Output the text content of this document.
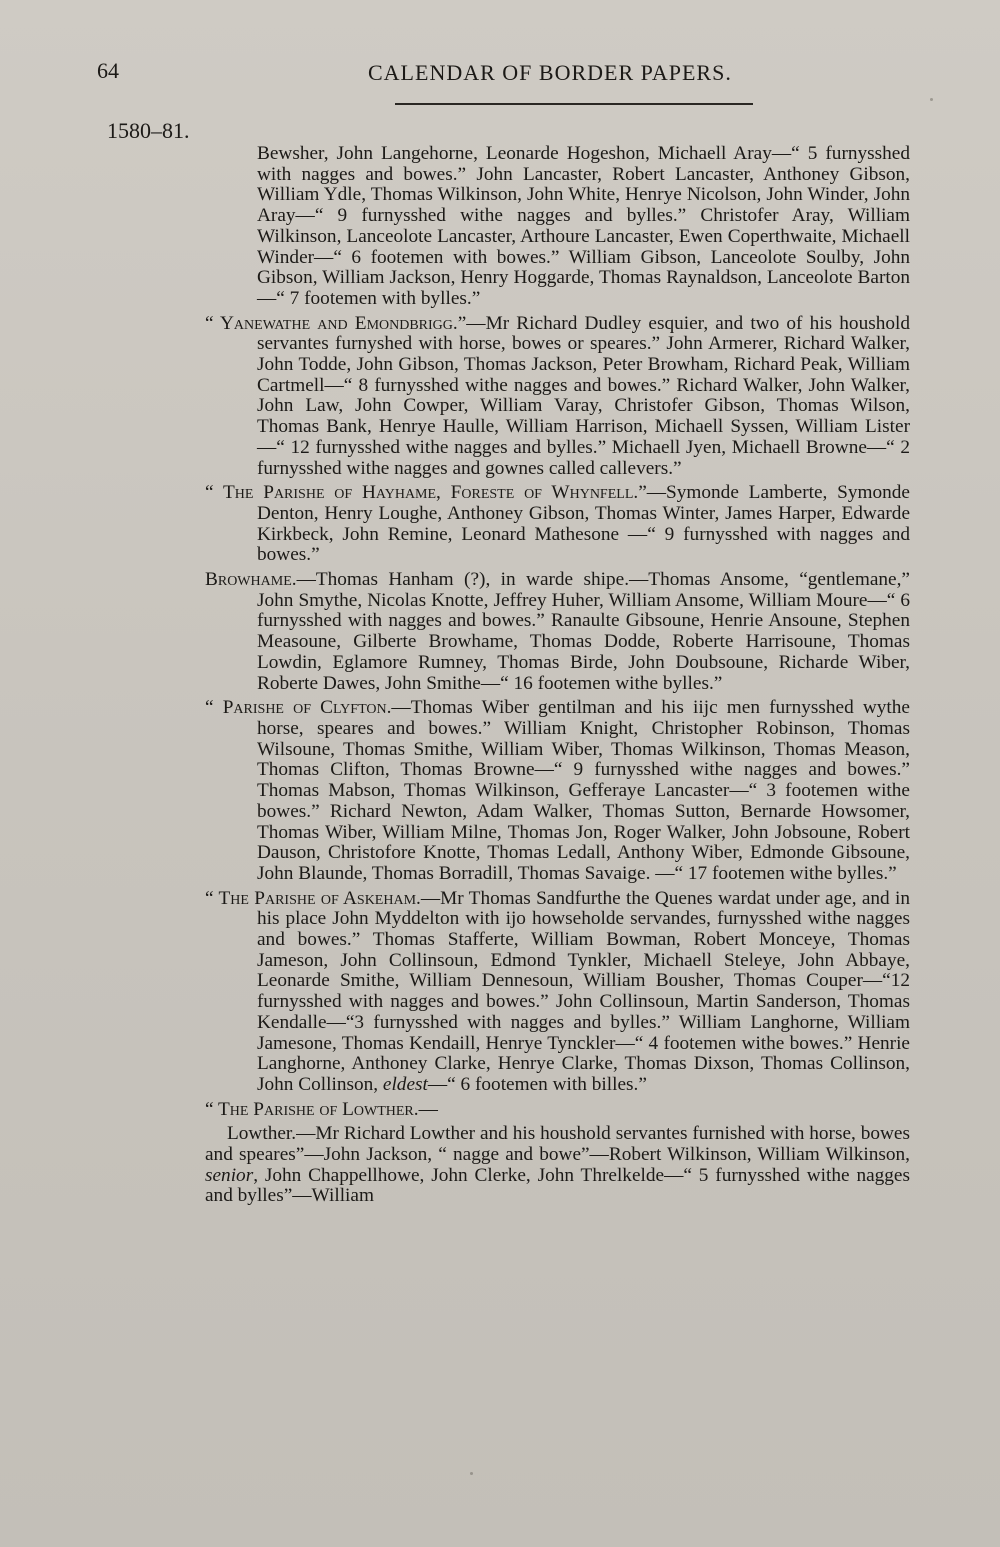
64	CALENDAR OF BORDER PAPERS.
1580–81.

Bewsher, John Langehorne, Leonarde Hogeshon, Michaell Aray—“ 5 furnysshed with nagges and bowes.” John Lancaster, Robert Lancaster, Anthoney Gibson, William Ydle, Thomas Wilkinson, John White, Henrye Nicolson, John Winder, John Aray—“ 9 furnysshed withe nagges and bylles.” Christofer Aray, William Wilkinson, Lanceolote Lancaster, Arthoure Lancaster, Ewen Coperthwaite, Michaell Winder—“ 6 footemen with bowes.” William Gibson, Lanceolote Soulby, John Gibson, William Jackson, Henry Hoggarde, Thomas Raynaldson, Lanceolote Barton—“ 7 footemen with bylles.”

“ Yanewathe and Emondbrigg.”—Mr Richard Dudley esquier, and two of his houshold servantes furnyshed with horse, bowes or speares.” John Armerer, Richard Walker, John Todde, John Gibson, Thomas Jackson, Peter Browham, Richard Peak, William Cartmell—“ 8 furnysshed withe nagges and bowes.” Richard Walker, John Walker, John Law, John Cowper, William Varay, Christofer Gibson, Thomas Wilson, Thomas Bank, Henrye Haulle, William Harrison, Michaell Syssen, William Lister—“ 12 furnysshed withe nagges and bylles.” Michaell Jyen, Michaell Browne—“ 2 furnysshed withe nagges and gownes called callevers.”

“ The Parishe of Hayhame, Foreste of Whynfell.”—Symonde Lamberte, Symonde Denton, Henry Loughe, Anthoney Gibson, Thomas Winter, James Harper, Edwarde Kirkbeck, John Remine, Leonard Mathesone —“ 9 furnysshed with nagges and bowes.”

Browhame.—Thomas Hanham (?), in warde shipe.—Thomas Ansome, “gentlemane,” John Smythe, Nicolas Knotte, Jeffrey Huher, William Ansome, William Moure—“ 6 furnysshed with nagges and bowes.” Ranaulte Gibsoune, Henrie Ansoune, Stephen Measoune, Gilberte Browhame, Thomas Dodde, Roberte Harrisoune, Thomas Lowdin, Eglamore Rumney, Thomas Birde, John Doubsoune, Richarde Wiber, Roberte Dawes, John Smithe—“ 16 footemen withe bylles.”

“ Parishe of Clyfton.—Thomas Wiber gentilman and his iijc men furnysshed wythe horse, speares and bowes.” William Knight, Christopher Robinson, Thomas Wilsoune, Thomas Smithe, William Wiber, Thomas Wilkinson, Thomas Meason, Thomas Clifton, Thomas Browne—“ 9 furnysshed withe nagges and bowes.” Thomas Mabson, Thomas Wilkinson, Gefferaye Lancaster—“ 3 footemen withe bowes.” Richard Newton, Adam Walker, Thomas Sutton, Bernarde Howsomer, Thomas Wiber, William Milne, Thomas Jon, Roger Walker, John Jobsoune, Robert Dauson, Christofore Knotte, Thomas Ledall, Anthony Wiber, Edmonde Gibsoune, John Blaunde, Thomas Borradill, Thomas Savaige. —“ 17 footemen withe bylles.”

“ The Parishe of Askeham.—Mr Thomas Sandfurthe the Quenes wardat under age, and in his place John Myddelton with ijo howseholde servandes, furnysshed withe nagges and bowes.” Thomas Stafferte, William Bowman, Robert Monceye, Thomas Jameson, John Collinsoun, Edmond Tynkler, Michaell Steleye, John Abbaye, Leonarde Smithe, William Dennesoun, William Bousher, Thomas Couper—“12 furnysshed with nagges and bowes.” John Collinsoun, Martin Sanderson, Thomas Kendalle—“3 furnysshed with nagges and bylles.” William Langhorne, William Jamesone, Thomas Kendaill, Henrye Tynckler—“ 4 footemen withe bowes.” Henrie Langhorne, Anthoney Clarke, Henrye Clarke, Thomas Dixson, Thomas Collinson, John Collinson, eldest—“ 6 footemen with billes.”

“ The Parishe of Lowther.—

Lowther.—Mr Richard Lowther and his houshold servantes furnished with horse, bowes and speares”—John Jackson, “ nagge and bowe”—Robert Wilkinson, William Wilkinson, senior, John Chappellhowe, John Clerke, John Threlkelde—“ 5 furnysshed withe nagges and bylles”—William
